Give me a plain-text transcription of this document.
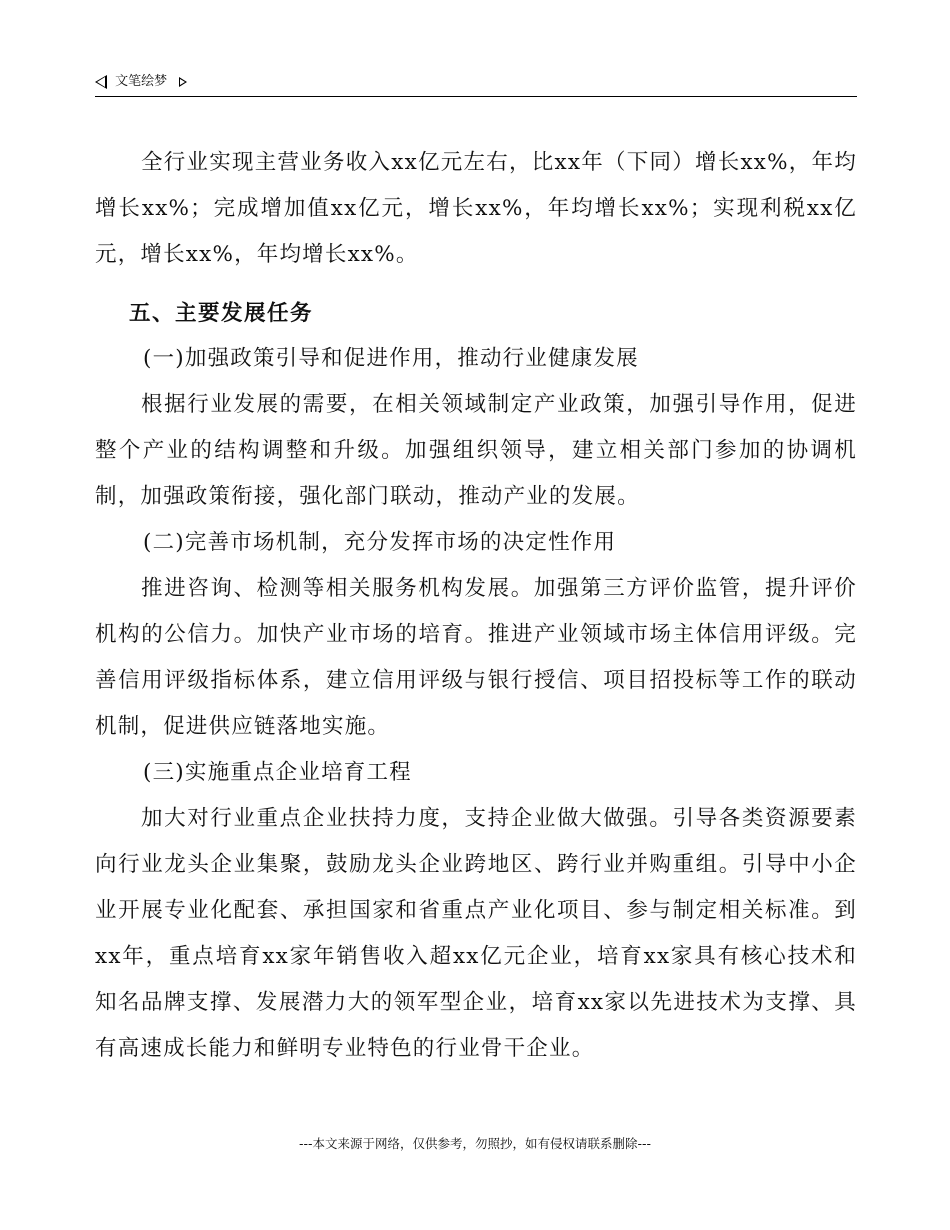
文笔绘梦

全行业实现主营业务收入xx亿元左右，比xx年（下同）增长xx%，年均增长xx%；完成增加值xx亿元，增长xx%，年均增长xx%；实现利税xx亿元，增长xx%，年均增长xx%。

五、主要发展任务

(一)加强政策引导和促进作用，推动行业健康发展

根据行业发展的需要，在相关领域制定产业政策，加强引导作用，促进整个产业的结构调整和升级。加强组织领导，建立相关部门参加的协调机制，加强政策衔接，强化部门联动，推动产业的发展。

(二)完善市场机制，充分发挥市场的决定性作用

推进咨询、检测等相关服务机构发展。加强第三方评价监管，提升评价机构的公信力。加快产业市场的培育。推进产业领域市场主体信用评级。完善信用评级指标体系，建立信用评级与银行授信、项目招投标等工作的联动机制，促进供应链落地实施。

(三)实施重点企业培育工程

加大对行业重点企业扶持力度，支持企业做大做强。引导各类资源要素向行业龙头企业集聚，鼓励龙头企业跨地区、跨行业并购重组。引导中小企业开展专业化配套、承担国家和省重点产业化项目、参与制定相关标准。到xx年，重点培育xx家年销售收入超xx亿元企业，培育xx家具有核心技术和知名品牌支撑、发展潜力大的领军型企业，培育xx家以先进技术为支撑、具有高速成长能力和鲜明专业特色的行业骨干企业。

---本文来源于网络，仅供参考，勿照抄，如有侵权请联系删除---
